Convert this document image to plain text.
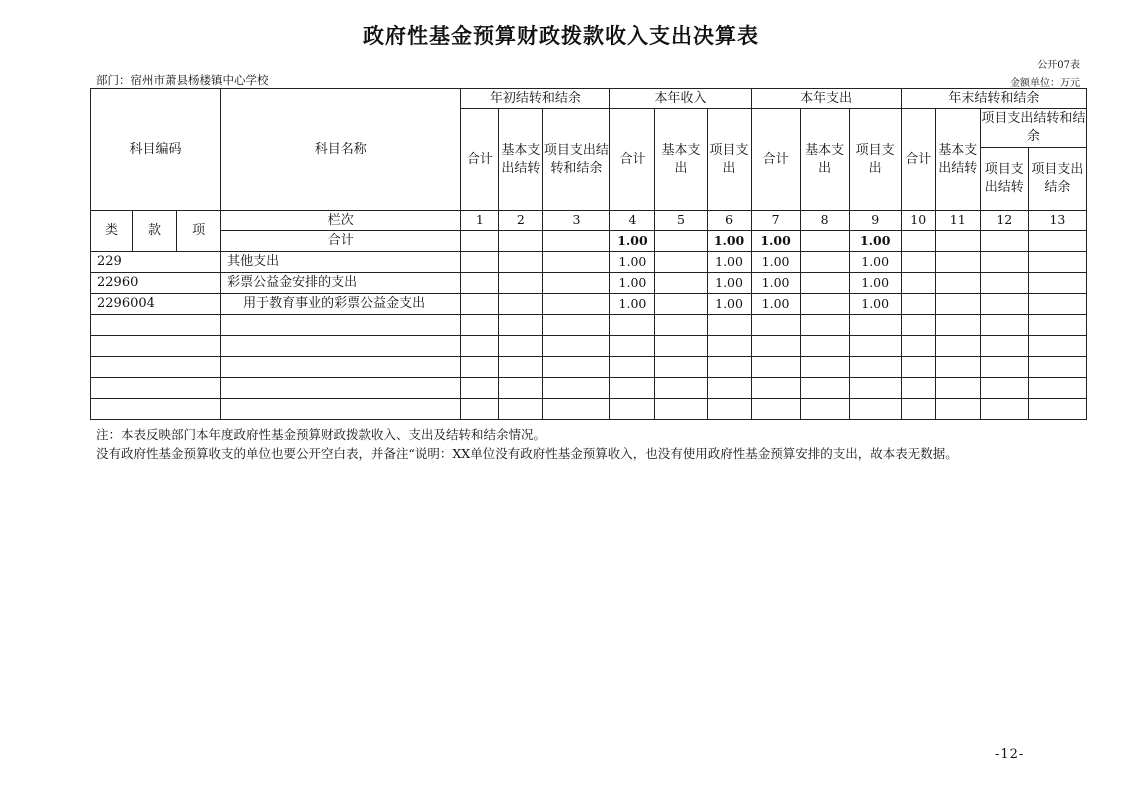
政府性基金预算财政拨款收入支出决算表
公开07表
部门：宿州市萧县杨楼镇中心学校	金额单位：万元
科目编码			科目名称	年初结转和结余			本年收入			本年支出			年末结转和结余			
				合计	基本支出结转	项目支出结转和结余	合计	基本支出	项目支出	合计	基本支出	项目支出	合计	基本支出结转	项目支出结转和结余	
															项目支出结转	项目支出结余
类	款	项	栏次	1	2	3	4	5	6	7	8	9	10	11	12	13
			合计				1.00		1.00	1.00		1.00				
229			其他支出				1.00		1.00	1.00		1.00				
22960			彩票公益金安排的支出				1.00		1.00	1.00		1.00				
2296004			用于教育事业的彩票公益金支出				1.00		1.00	1.00		1.00				

注：本表反映部门本年度政府性基金预算财政拨款收入、支出及结转和结余情况。
没有政府性基金预算收支的单位也要公开空白表，并备注“说明：XX单位没有政府性基金预算收入，也没有使用政府性基金预算安排的支出，故本表无数据。
-12-
